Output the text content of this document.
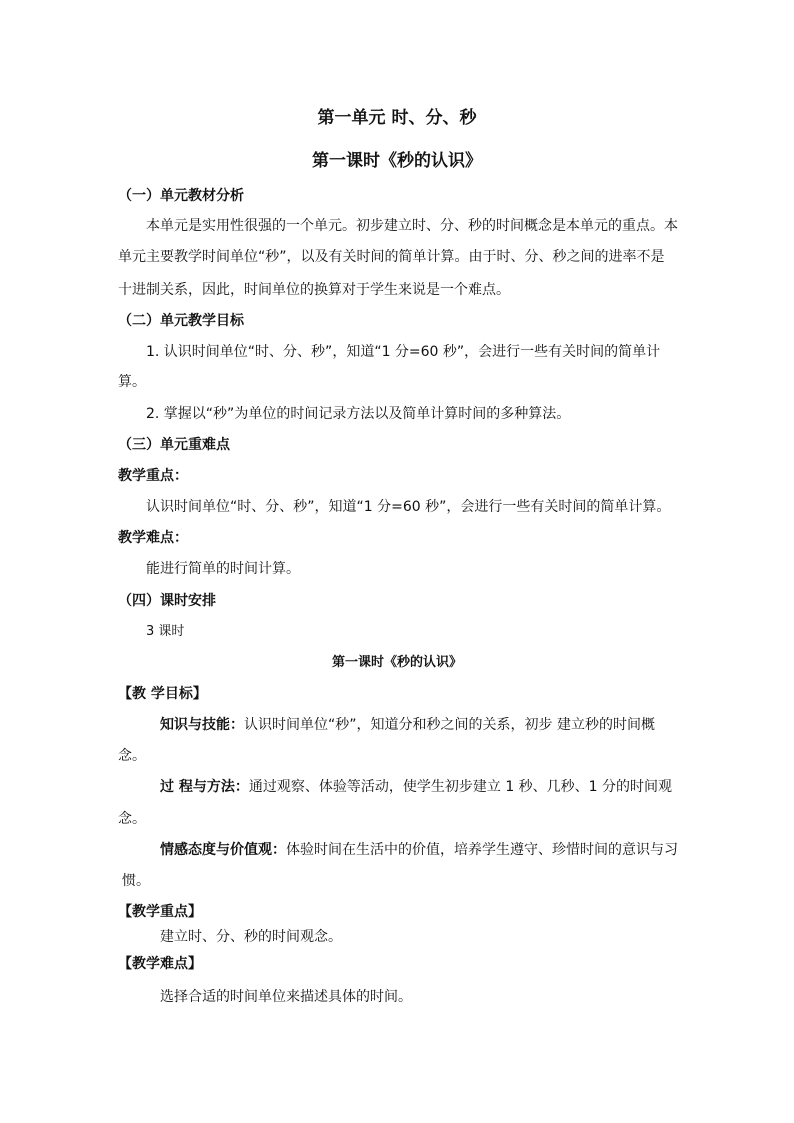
第一单元 时、分、秒
第一课时《秒的认识》
（一）单元教材分析
本单元是实用性很强的一个单元。初步建立时、分、秒的时间概念是本单元的重点。本
单元主要教学时间单位“秒”，以及有关时间的简单计算。由于时、分、秒之间的进率不是
十进制关系，因此，时间单位的换算对于学生来说是一个难点。
（二）单元教学目标
1. 认识时间单位“时、分、秒”，知道“1 分=60 秒”，会进行一些有关时间的简单计
算。
2. 掌握以“秒”为单位的时间记录方法以及简单计算时间的多种算法。
（三）单元重难点
教学重点：
认识时间单位“时、分、秒”，知道“1 分=60 秒”，会进行一些有关时间的简单计算。
教学难点：
能进行简单的时间计算。
（四）课时安排
3 课时
第一课时《秒的认识》
【教 学目标】
知识与技能：认识时间单位“秒”，知道分和秒之间的关系，初步 建立秒的时间概
念。
过 程与方法：通过观察、体验等活动，使学生初步建立 1 秒、几秒、1 分的时间观
念。
情感态度与价值观：体验时间在生活中的价值，培养学生遵守、珍惜时间的意识与习
惯。
【教学重点】
建立时、分、秒的时间观念。
【教学难点】
选择合适的时间单位来描述具体的时间。
